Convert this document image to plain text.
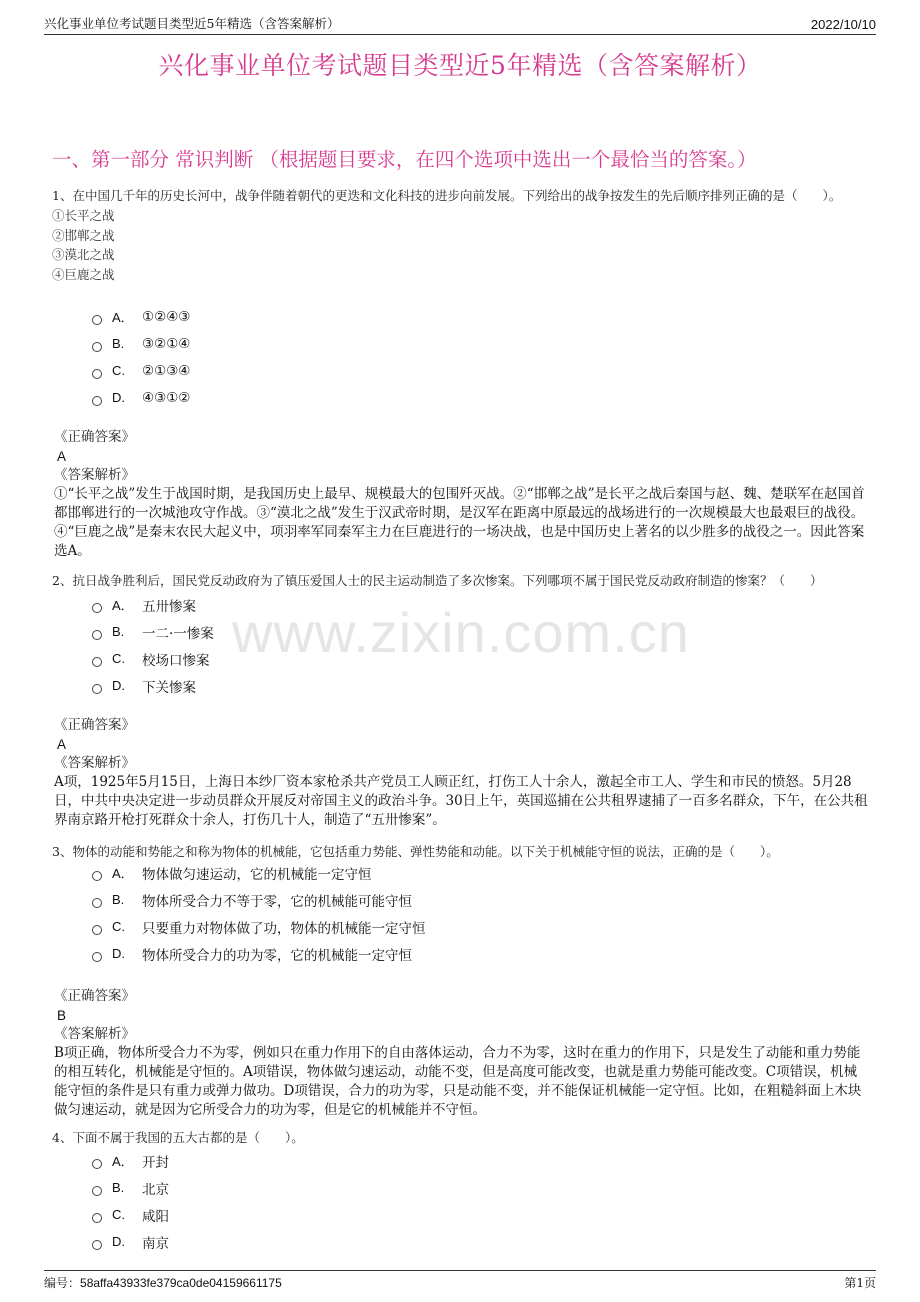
兴化事业单位考试题目类型近5年精选（含答案解析）	2022/10/10
兴化事业单位考试题目类型近5年精选（含答案解析）
一、第一部分 常识判断 （根据题目要求，在四个选项中选出一个最恰当的答案。）
www.zixin.com.cn
1、在中国几千年的历史长河中，战争伴随着朝代的更迭和文化科技的进步向前发展。下列给出的战争按发生的先后顺序排列正确的是（　　）。
①长平之战
②邯郸之战
③漠北之战
④巨鹿之战
A． ①②④③
B.	③②①④
C.	②①③④
D.	④③①②
《正确答案》
A
《答案解析》
①“长平之战”发生于战国时期，是我国历史上最早、规模最大的包围歼灭战。②“邯郸之战”是长平之战后秦国与赵、魏、楚联军在赵国首都邯郸进行的一次城池攻守作战。③“漠北之战”发生于汉武帝时期，是汉军在距离中原最远的战场进行的一次规模最大也最艰巨的战役。④“巨鹿之战”是秦末农民大起义中，项羽率军同秦军主力在巨鹿进行的一场决战，也是中国历史上著名的以少胜多的战役之一。因此答案选A。
2、抗日战争胜利后，国民党反动政府为了镇压爱国人士的民主运动制造了多次惨案。下列哪项不属于国民党反动政府制造的惨案？（　　）
A． 五卅惨案
B.	一二·一惨案
C.	校场口惨案
D.	下关惨案
《正确答案》
A
《答案解析》
A项，1925年5月15日，上海日本纱厂资本家枪杀共产党员工人顾正红，打伤工人十余人，激起全市工人、学生和市民的愤怒。5月28日，中共中央决定进一步动员群众开展反对帝国主义的政治斗争。30日上午，英国巡捕在公共租界逮捕了一百多名群众，下午，在公共租界南京路开枪打死群众十余人，打伤几十人，制造了“五卅惨案”。
3、物体的动能和势能之和称为物体的机械能，它包括重力势能、弹性势能和动能。以下关于机械能守恒的说法，正确的是（　　）。
A． 物体做匀速运动，它的机械能一定守恒
B.	物体所受合力不等于零，它的机械能可能守恒
C.	只要重力对物体做了功，物体的机械能一定守恒
D.	物体所受合力的功为零，它的机械能一定守恒
《正确答案》
B
《答案解析》
B项正确，物体所受合力不为零，例如只在重力作用下的自由落体运动，合力不为零，这时在重力的作用下，只是发生了动能和重力势能的相互转化，机械能是守恒的。A项错误，物体做匀速运动，动能不变，但是高度可能改变，也就是重力势能可能改变。C项错误，机械能守恒的条件是只有重力或弹力做功。D项错误，合力的功为零，只是动能不变，并不能保证机械能一定守恒。比如，在粗糙斜面上木块做匀速运动，就是因为它所受合力的功为零，但是它的机械能并不守恒。
4、下面不属于我国的五大古都的是（　　）。
A． 开封
B.	北京
C.	咸阳
D.	南京
编号：58affa43933fe379ca0de04159661175	第1页
